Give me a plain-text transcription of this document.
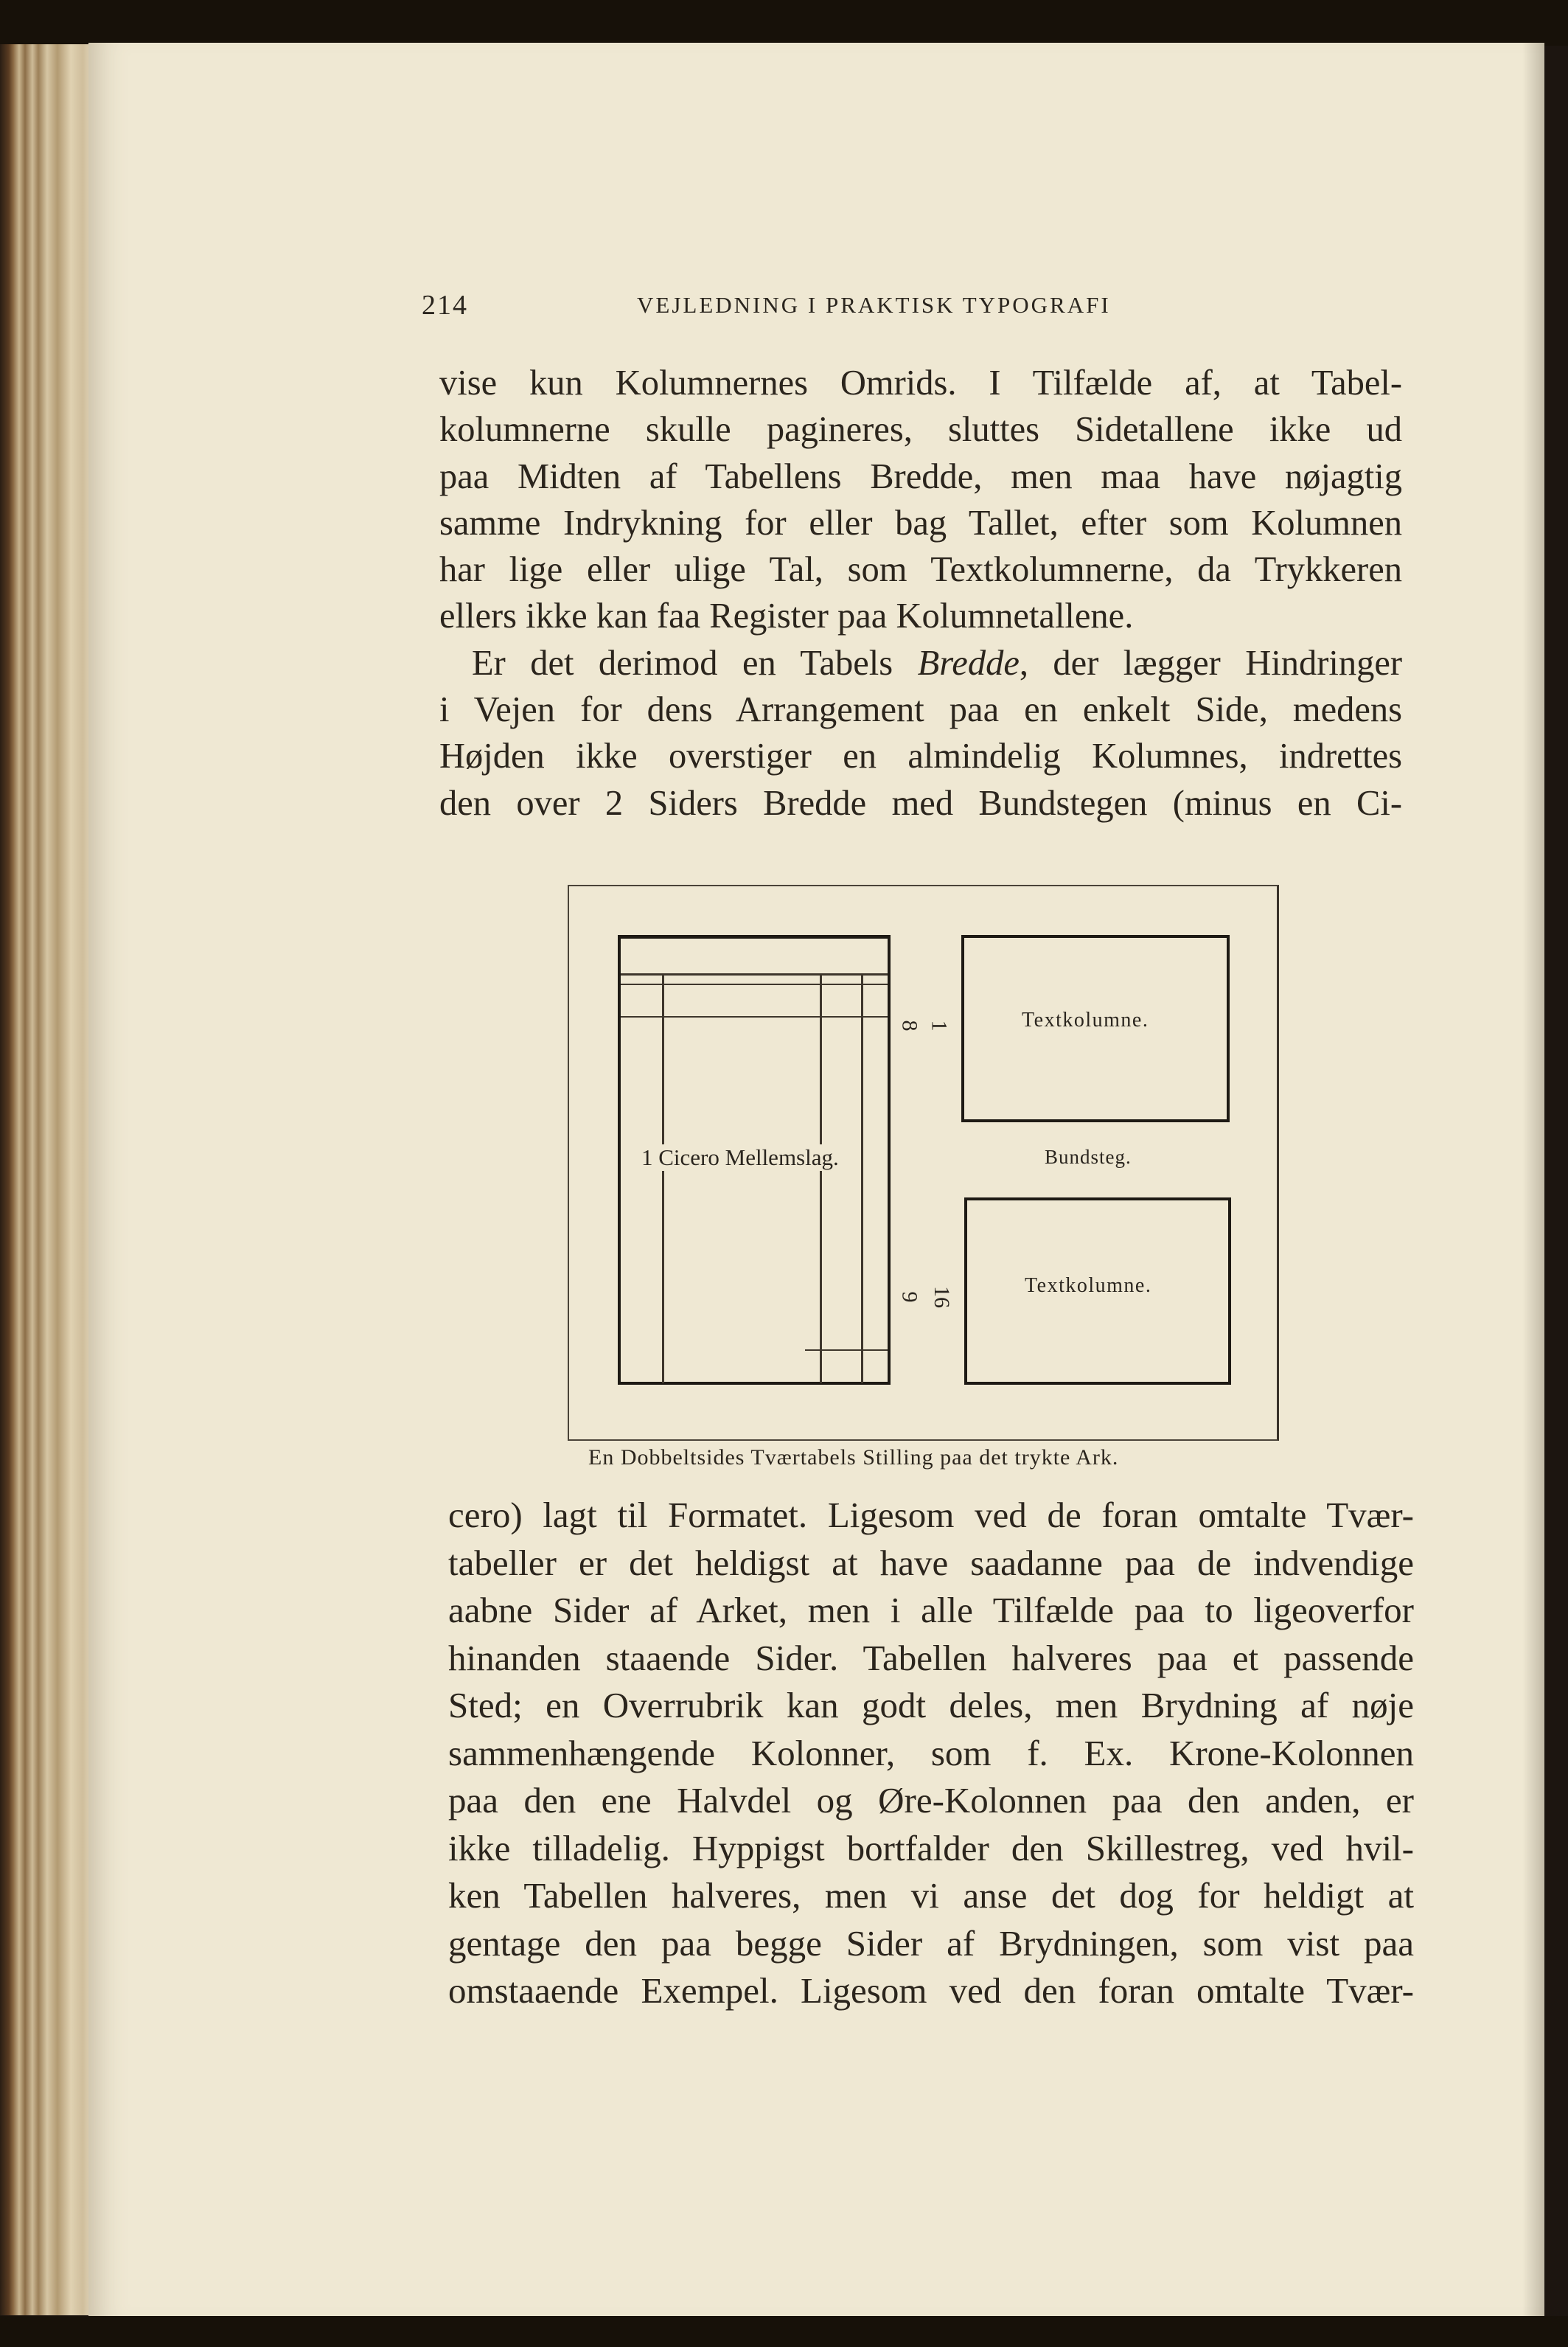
214	VEJLEDNING I PRAKTISK TYPOGRAFI
vise kun Kolumnernes Omrids. I Tilfælde af, at Tabel-
kolumnerne skulle pagineres, sluttes Sidetallene ikke ud
paa Midten af Tabellens Bredde, men maa have nøjagtig
samme Indrykning for eller bag Tallet, efter som Kolumnen
har lige eller ulige Tal, som Textkolumnerne, da Trykkeren
ellers ikke kan faa Register paa Kolumnetallene.
Er det derimod en Tabels Bredde, der lægger Hindringer
i Vejen for dens Arrangement paa en enkelt Side, medens
Højden ikke overstiger en almindelig Kolumnes, indrettes
den over 2 Siders Bredde med Bundstegen (minus en Ci-
1 Cicero Mellemslag.
8 1
9 16
Textkolumne.
Bundsteg.
Textkolumne.
En Dobbeltsides Tværtabels Stilling paa det trykte Ark.
cero) lagt til Formatet. Ligesom ved de foran omtalte Tvær-
tabeller er det heldigst at have saadanne paa de indvendige
aabne Sider af Arket, men i alle Tilfælde paa to ligeoverfor
hinanden staaende Sider. Tabellen halveres paa et passende
Sted; en Overrubrik kan godt deles, men Brydning af nøje
sammenhængende Kolonner, som f. Ex. Krone-Kolonnen
paa den ene Halvdel og Øre-Kolonnen paa den anden, er
ikke tilladelig. Hyppigst bortfalder den Skillestreg, ved hvil-
ken Tabellen halveres, men vi anse det dog for heldigt at
gentage den paa begge Sider af Brydningen, som vist paa
omstaaende Exempel. Ligesom ved den foran omtalte Tvær-
